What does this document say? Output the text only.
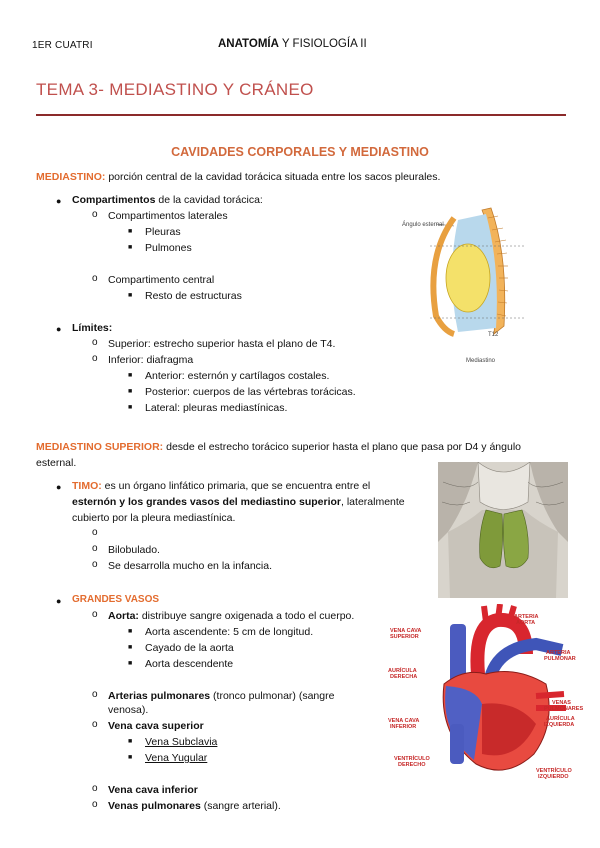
1ER CUATRI	ANATOMÍA Y FISIOLOGÍA II
TEMA 3- MEDIASTINO Y CRÁNEO
CAVIDADES CORPORALES Y MEDIASTINO
MEDIASTINO: porción central de la cavidad torácica situada entre los sacos pleurales.
● Compartimentos de la cavidad torácica:
o Compartimentos laterales
■ Pleuras
■ Pulmones
o Compartimento central
■ Resto de estructuras
● Límites:
o Superior: estrecho superior hasta el plano de T4.
o Inferior: diafragma
■ Anterior: esternón y cartílagos costales.
■ Posterior: cuerpos de las vértebras torácicas.
■ Lateral: pleuras mediastínicas.
Ángulo esternal
T12
Mediastino
MEDIASTINO SUPERIOR: desde el estrecho torácico superior hasta el plano que pasa por D4 y ángulo
esternal.
● TIMO: es un órgano linfático primaria, que se encuentra entre el
esternón y los grandes vasos del mediastino superior, lateralmente
cubierto por la pleura mediastínica.
o
o Bilobulado.
o Se desarrolla mucho en la infancia.
● GRANDES VASOS
o Aorta: distribuye sangre oxigenada a todo el cuerpo.
■ Aorta ascendente: 5 cm de longitud.
■ Cayado de la aorta
■ Aorta descendente
o Arterias pulmonares (tronco pulmonar) (sangre
venosa).
o Vena cava superior
■ Vena Subclavia
■ Vena Yugular
o Vena cava inferior
o Venas pulmonares (sangre arterial).
VENA CAVA
SUPERIOR
ARTERIA
AORTA
ARTERIA
PULMONAR
AURÍCULA
DERECHA
VENAS
PULMONARES
VENA CAVA
INFERIOR
AURÍCULA
IZQUIERDA
VENTRÍCULO
DERECHO
VENTRÍCULO
IZQUIERDO
